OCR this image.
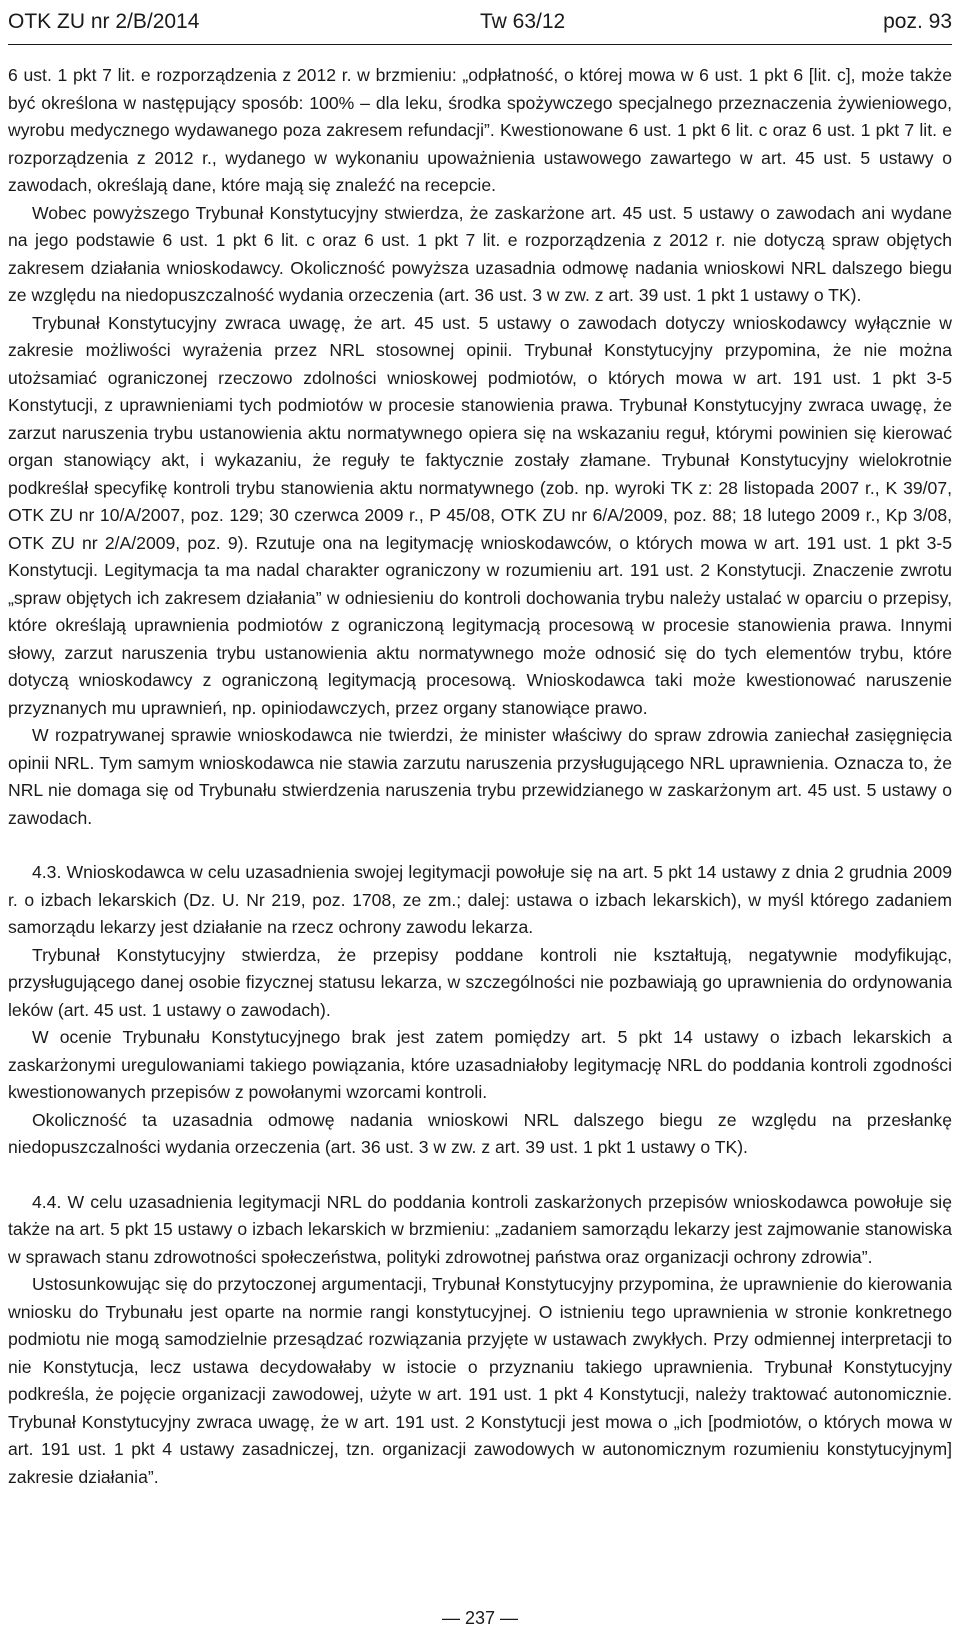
OTK ZU nr 2/B/2014	Tw 63/12	poz. 93

6 ust. 1 pkt 7 lit. e rozporządzenia z 2012 r. w brzmieniu: „odpłatność, o której mowa w 6 ust. 1 pkt 6 [lit. c], może także być określona w następujący sposób: 100% – dla leku, środka spożywczego specjalnego przeznaczenia żywieniowego, wyrobu medycznego wydawanego poza zakresem refundacji”. Kwestionowane 6 ust. 1 pkt 6 lit. c oraz 6 ust. 1 pkt 7 lit. e rozporządzenia z 2012 r., wydanego w wykonaniu upoważnienia ustawowego zawartego w art. 45 ust. 5 ustawy o zawodach, określają dane, które mają się znaleźć na recepcie.

Wobec powyższego Trybunał Konstytucyjny stwierdza, że zaskarżone art. 45 ust. 5 ustawy o zawodach ani wydane na jego podstawie 6 ust. 1 pkt 6 lit. c oraz 6 ust. 1 pkt 7 lit. e rozporządzenia z 2012 r. nie dotyczą spraw objętych zakresem działania wnioskodawcy. Okoliczność powyższa uzasadnia odmowę nadania wnioskowi NRL dalszego biegu ze względu na niedopuszczalność wydania orzeczenia (art. 36 ust. 3 w zw. z art. 39 ust. 1 pkt 1 ustawy o TK).

Trybunał Konstytucyjny zwraca uwagę, że art. 45 ust. 5 ustawy o zawodach dotyczy wnioskodawcy wyłącznie w zakresie możliwości wyrażenia przez NRL stosownej opinii. Trybunał Konstytucyjny przypomina, że nie można utożsamiać ograniczonej rzeczowo zdolności wnioskowej podmiotów, o których mowa w art. 191 ust. 1 pkt 3-5 Konstytucji, z uprawnieniami tych podmiotów w procesie stanowienia prawa. Trybunał Konstytucyjny zwraca uwagę, że zarzut naruszenia trybu ustanowienia aktu normatywnego opiera się na wskazaniu reguł, którymi powinien się kierować organ stanowiący akt, i wykazaniu, że reguły te faktycznie zostały złamane. Trybunał Konstytucyjny wielokrotnie podkreślał specyfikę kontroli trybu stanowienia aktu normatywnego (zob. np. wyroki TK z: 28 listopada 2007 r., K 39/07, OTK ZU nr 10/A/2007, poz. 129; 30 czerwca 2009 r., P 45/08, OTK ZU nr 6/A/2009, poz. 88; 18 lutego 2009 r., Kp 3/08, OTK ZU nr 2/A/2009, poz. 9). Rzutuje ona na legitymację wnioskodawców, o których mowa w art. 191 ust. 1 pkt 3-5 Konstytucji. Legitymacja ta ma nadal charakter ograniczony w rozumieniu art. 191 ust. 2 Konstytucji. Znaczenie zwrotu „spraw objętych ich zakresem działania” w odniesieniu do kontroli dochowania trybu należy ustalać w oparciu o przepisy, które określają uprawnienia podmiotów z ograniczoną legitymacją procesową w procesie stanowienia prawa. Innymi słowy, zarzut naruszenia trybu ustanowienia aktu normatywnego może odnosić się do tych elementów trybu, które dotyczą wnioskodawcy z ograniczoną legitymacją procesową. Wnioskodawca taki może kwestionować naruszenie przyznanych mu uprawnień, np. opiniodawczych, przez organy stanowiące prawo.

W rozpatrywanej sprawie wnioskodawca nie twierdzi, że minister właściwy do spraw zdrowia zaniechał zasięgnięcia opinii NRL. Tym samym wnioskodawca nie stawia zarzutu naruszenia przysługującego NRL uprawnienia. Oznacza to, że NRL nie domaga się od Trybunału stwierdzenia naruszenia trybu przewidzianego w zaskarżonym art. 45 ust. 5 ustawy o zawodach.

4.3. Wnioskodawca w celu uzasadnienia swojej legitymacji powołuje się na art. 5 pkt 14 ustawy z dnia 2 grudnia 2009 r. o izbach lekarskich (Dz. U. Nr 219, poz. 1708, ze zm.; dalej: ustawa o izbach lekarskich), w myśl którego zadaniem samorządu lekarzy jest działanie na rzecz ochrony zawodu lekarza.

Trybunał Konstytucyjny stwierdza, że przepisy poddane kontroli nie kształtują, negatywnie modyfikując, przysługującego danej osobie fizycznej statusu lekarza, w szczególności nie pozbawiają go uprawnienia do ordynowania leków (art. 45 ust. 1 ustawy o zawodach).

W ocenie Trybunału Konstytucyjnego brak jest zatem pomiędzy art. 5 pkt 14 ustawy o izbach lekarskich a zaskarżonymi uregulowaniami takiego powiązania, które uzasadniałoby legitymację NRL do poddania kontroli zgodności kwestionowanych przepisów z powołanymi wzorcami kontroli.

Okoliczność ta uzasadnia odmowę nadania wnioskowi NRL dalszego biegu ze względu na przesłankę niedopuszczalności wydania orzeczenia (art. 36 ust. 3 w zw. z art. 39 ust. 1 pkt 1 ustawy o TK).

4.4. W celu uzasadnienia legitymacji NRL do poddania kontroli zaskarżonych przepisów wnioskodawca powołuje się także na art. 5 pkt 15 ustawy o izbach lekarskich w brzmieniu: „zadaniem samorządu lekarzy jest zajmowanie stanowiska w sprawach stanu zdrowotności społeczeństwa, polityki zdrowotnej państwa oraz organizacji ochrony zdrowia”.

Ustosunkowując się do przytoczonej argumentacji, Trybunał Konstytucyjny przypomina, że uprawnienie do kierowania wniosku do Trybunału jest oparte na normie rangi konstytucyjnej. O istnieniu tego uprawnienia w stronie konkretnego podmiotu nie mogą samodzielnie przesądzać rozwiązania przyjęte w ustawach zwykłych. Przy odmiennej interpretacji to nie Konstytucja, lecz ustawa decydowałaby w istocie o przyznaniu takiego uprawnienia. Trybunał Konstytucyjny podkreśla, że pojęcie organizacji zawodowej, użyte w art. 191 ust. 1 pkt 4 Konstytucji, należy traktować autonomicznie. Trybunał Konstytucyjny zwraca uwagę, że w art. 191 ust. 2 Konstytucji jest mowa o „ich [podmiotów, o których mowa w art. 191 ust. 1 pkt 4 ustawy zasadniczej, tzn. organizacji zawodowych w autonomicznym rozumieniu konstytucyjnym] zakresie działania”.

— 237 —
